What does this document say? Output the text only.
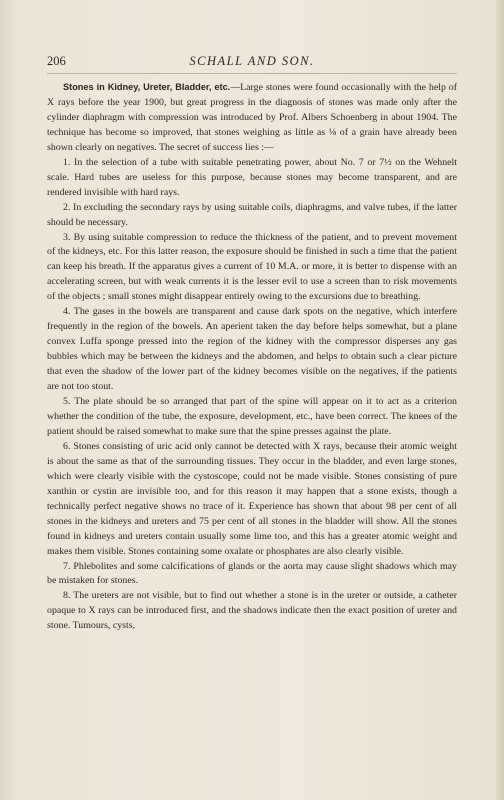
206	SCHALL AND SON.

Stones in Kidney, Ureter, Bladder, etc.—Large stones were found occasionally with the help of X rays before the year 1900, but great progress in the diagnosis of stones was made only after the cylinder diaphragm with compression was introduced by Prof. Albers Schoenberg in about 1904. The technique has become so improved, that stones weighing as little as ⅛ of a grain have already been shown clearly on negatives. The secret of success lies :—

1. In the selection of a tube with suitable penetrating power, about No. 7 or 7½ on the Wehnelt scale. Hard tubes are useless for this purpose, because stones may become transparent, and are rendered invisible with hard rays.

2. In excluding the secondary rays by using suitable coils, diaphragms, and valve tubes, if the latter should be necessary.

3. By using suitable compression to reduce the thickness of the patient, and to prevent movement of the kidneys, etc. For this latter reason, the exposure should be finished in such a time that the patient can keep his breath. If the apparatus gives a current of 10 M.A. or more, it is better to dispense with an accelerating screen, but with weak currents it is the lesser evil to use a screen than to risk movements of the objects ; small stones might disappear entirely owing to the excursions due to breathing.

4. The gases in the bowels are transparent and cause dark spots on the negative, which interfere frequently in the region of the bowels. An aperient taken the day before helps somewhat, but a plane convex Luffa sponge pressed into the region of the kidney with the compressor disperses any gas bubbles which may be between the kidneys and the abdomen, and helps to obtain such a clear picture that even the shadow of the lower part of the kidney becomes visible on the negatives, if the patients are not too stout.

5. The plate should be so arranged that part of the spine will appear on it to act as a criterion whether the condition of the tube, the exposure, development, etc., have been correct. The knees of the patient should be raised somewhat to make sure that the spine presses against the plate.

6. Stones consisting of uric acid only cannot be detected with X rays, because their atomic weight is about the same as that of the surrounding tissues. They occur in the bladder, and even large stones, which were clearly visible with the cystoscope, could not be made visible. Stones consisting of pure xanthin or cystin are invisible too, and for this reason it may happen that a stone exists, though a technically perfect negative shows no trace of it. Experience has shown that about 98 per cent of all stones in the kidneys and ureters and 75 per cent of all stones in the bladder will show. All the stones found in kidneys and ureters contain usually some lime too, and this has a greater atomic weight and makes them visible. Stones containing some oxalate or phosphates are also clearly visible.

7. Phlebolites and some calcifications of glands or the aorta may cause slight shadows which may be mistaken for stones.

8. The ureters are not visible, but to find out whether a stone is in the ureter or outside, a catheter opaque to X rays can be introduced first, and the shadows indicate then the exact position of ureter and stone. Tumours, cysts,
